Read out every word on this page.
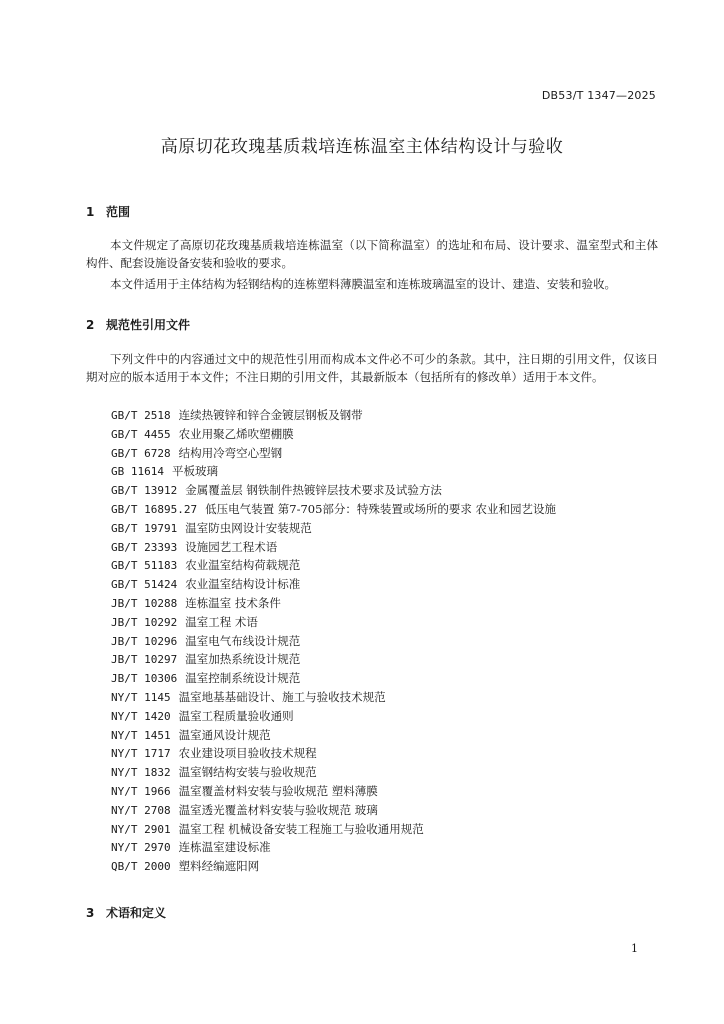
DB53/T 1347—2025
高原切花玫瑰基质栽培连栋温室主体结构设计与验收
1 范围
本文件规定了高原切花玫瑰基质栽培连栋温室（以下简称温室）的选址和布局、设计要求、温室型式和主体构件、配套设施设备安装和验收的要求。
本文件适用于主体结构为轻钢结构的连栋塑料薄膜温室和连栋玻璃温室的设计、建造、安装和验收。
2 规范性引用文件
下列文件中的内容通过文中的规范性引用而构成本文件必不可少的条款。其中，注日期的引用文件，仅该日期对应的版本适用于本文件；不注日期的引用文件，其最新版本（包括所有的修改单）适用于本文件。
GB/T 2518 连续热镀锌和锌合金镀层钢板及钢带
GB/T 4455 农业用聚乙烯吹塑棚膜
GB/T 6728 结构用冷弯空心型钢
GB 11614 平板玻璃
GB/T 13912 金属覆盖层 钢铁制件热镀锌层技术要求及试验方法
GB/T 16895.27 低压电气装置 第7-705部分：特殊装置或场所的要求 农业和园艺设施
GB/T 19791 温室防虫网设计安装规范
GB/T 23393 设施园艺工程术语
GB/T 51183 农业温室结构荷载规范
GB/T 51424 农业温室结构设计标准
JB/T 10288 连栋温室 技术条件
JB/T 10292 温室工程 术语
JB/T 10296 温室电气布线设计规范
JB/T 10297 温室加热系统设计规范
JB/T 10306 温室控制系统设计规范
NY/T 1145 温室地基基础设计、施工与验收技术规范
NY/T 1420 温室工程质量验收通则
NY/T 1451 温室通风设计规范
NY/T 1717 农业建设项目验收技术规程
NY/T 1832 温室钢结构安装与验收规范
NY/T 1966 温室覆盖材料安装与验收规范 塑料薄膜
NY/T 2708 温室透光覆盖材料安装与验收规范 玻璃
NY/T 2901 温室工程 机械设备安装工程施工与验收通用规范
NY/T 2970 连栋温室建设标准
QB/T 2000 塑料经编遮阳网
3 术语和定义
1
